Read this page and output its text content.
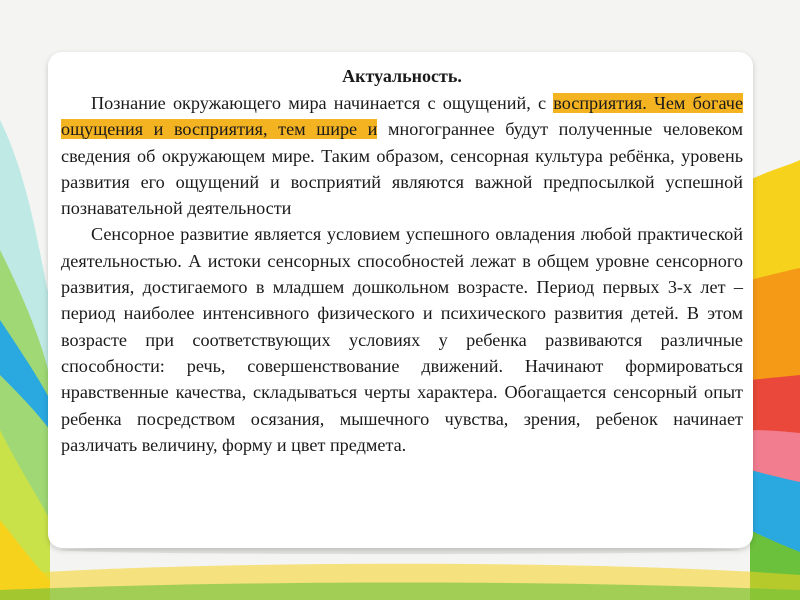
Актуальность.

Познание окружающего мира начинается с ощущений, с восприятия. Чем богаче ощущения и восприятия, тем шире и многограннее будут полученные человеком сведения об окружающем мире. Таким образом, сенсорная культура ребёнка, уровень развития его ощущений и восприятий являются важной предпосылкой успешной познавательной деятельности

Сенсорное развитие является условием успешного овладения любой практической деятельностью. А истоки сенсорных способностей лежат в общем уровне сенсорного развития, достигаемого в младшем дошкольном возрасте. Период первых 3-х лет – период наиболее интенсивного физического и психического развития детей. В этом возрасте при соответствующих условиях у ребенка развиваются различные способности: речь, совершенствование движений. Начинают формироваться нравственные качества, складываться черты характера. Обогащается сенсорный опыт ребенка посредством осязания, мышечного чувства, зрения, ребенок начинает различать величину, форму и цвет предмета.
